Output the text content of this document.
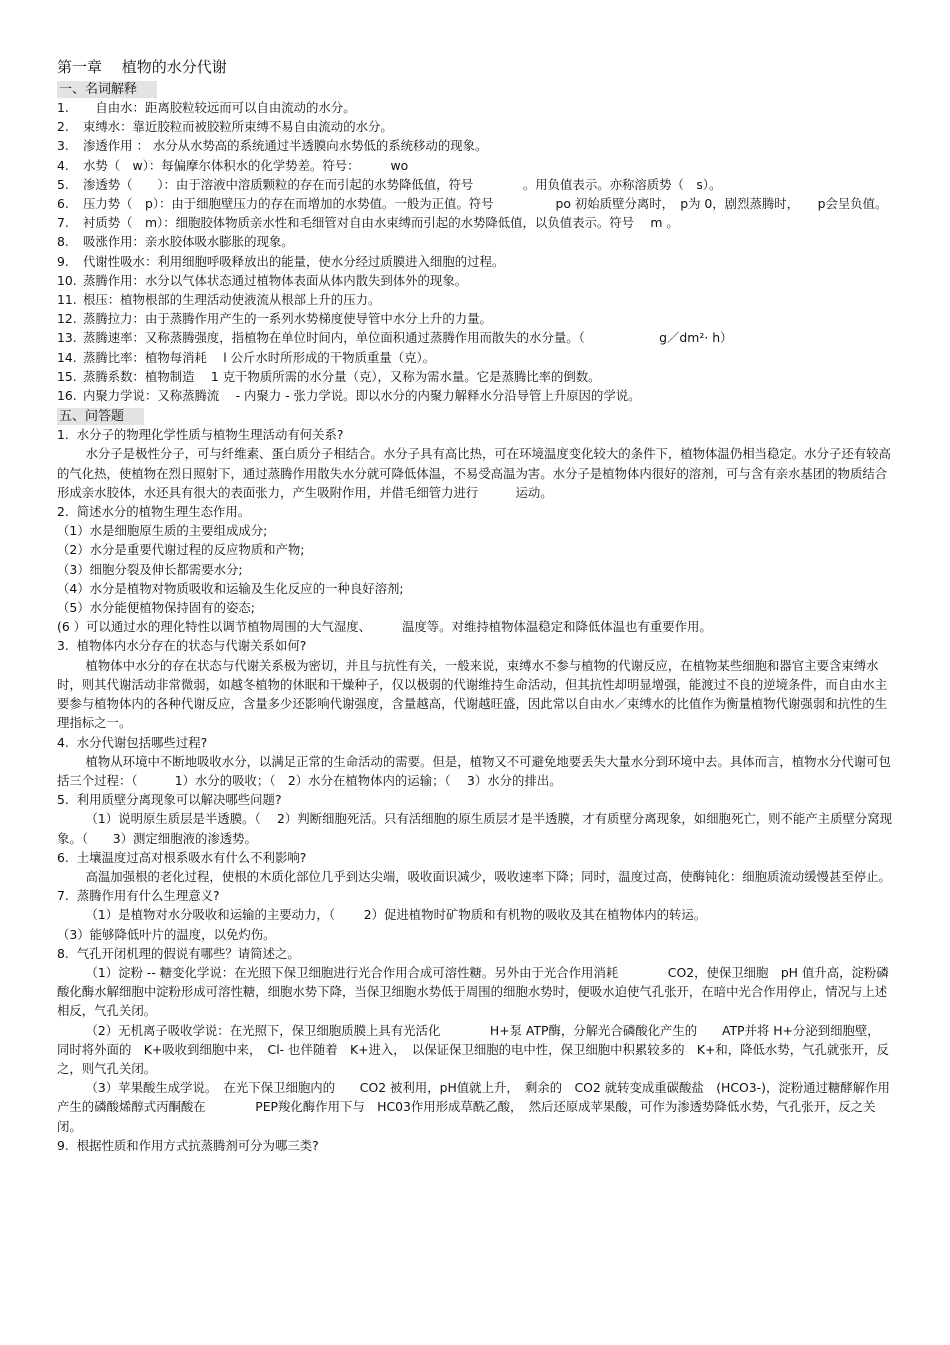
第一章　 植物的水分代谢
一、名词解释
1.　自由水：距离胶粒较远而可以自由流动的水分。
2. 束缚水：靠近胶粒而被胶粒所束缚不易自由流动的水分。
3. 渗透作用 ： 水分从水势高的系统通过半透膜向水势低的系统移动的现象。
4. 水势（　w）：每偏摩尔体积水的化学势差。符号：　　　wo
5. 渗透势（　　）：由于溶液中溶质颗粒的存在而引起的水势降低值，符号　　　　。用负值表示。亦称溶质势（　s）。
6. 压力势（　p）：由于细胞壁压力的存在而增加的水势值。一般为正值。符号　　　　　po 初始质壁分离时，　p为 0，剧烈蒸腾时，　　p会呈负值。
7. 衬质势（　m）：细胞胶体物质亲水性和毛细管对自由水束缚而引起的水势降低值，以负值表示。符号　 m 。
8. 吸涨作用：亲水胶体吸水膨胀的现象。
9. 代谢性吸水：利用细胞呼吸释放出的能量，使水分经过质膜进入细胞的过程。
10. 蒸腾作用：水分以气体状态通过植物体表面从体内散失到体外的现象。
11. 根压：植物根部的生理活动使液流从根部上升的压力。
12. 蒸腾拉力：由于蒸腾作用产生的一系列水势梯度使导管中水分上升的力量。
13. 蒸腾速率：又称蒸腾强度，指植物在单位时间内，单位面积通过蒸腾作用而散失的水分量。（　　　　　　g／dm²· h）
14. 蒸腾比率：植物每消耗　 l 公斤水时所形成的干物质重量（克）。
15. 蒸腾系数：植物制造　 1 克干物质所需的水分量（克），又称为需水量。它是蒸腾比率的倒数。
16. 内聚力学说：又称蒸腾流　 - 内聚力 - 张力学说。即以水分的内聚力解释水分沿导管上升原因的学说。
五、问答题
1.  水分子的物理化学性质与植物生理活动有何关系?
水分子是极性分子，可与纤维素、蛋白质分子相结合。水分子具有高比热，可在环境温度变化较大的条件下，植物体温仍相当稳定。水分子还有较高的气化热，使植物在烈日照射下，通过蒸腾作用散失水分就可降低体温，不易受高温为害。水分子是植物体内很好的溶剂，可与含有亲水基团的物质结合形成亲水胶体，水还具有很大的表面张力，产生吸附作用，并借毛细管力进行　　　运动。
2.  简述水分的植物生理生态作用。
（1）水是细胞原生质的主要组成成分;
（2）水分是重要代谢过程的反应物质和产物;
（3）细胞分裂及伸长都需要水分;
（4）水分是植物对物质吸收和运输及生化反应的一种良好溶剂;
（5）水分能便植物保持固有的姿态;
(6 ）可以通过水的理化特性以调节植物周围的大气湿度、　　　温度等。对维持植物体温稳定和降低体温也有重要作用。
3.  植物体内水分存在的状态与代谢关系如何?
植物体中水分的存在状态与代谢关系极为密切，并且与抗性有关，一般来说，束缚水不参与植物的代谢反应，在植物某些细胞和器官主要含束缚水时，则其代谢活动非常微弱，如越冬植物的休眠和干燥种子，仅以极弱的代谢维持生命活动，但其抗性却明显增强，能渡过不良的逆境条件，而自由水主要参与植物体内的各种代谢反应，含量多少还影响代谢强度，含量越高，代谢越旺盛，因此常以自由水／束缚水的比值作为衡量植物代谢强弱和抗性的生理指标之一。
4.  水分代谢包括哪些过程?
植物从环境中不断地吸收水分，以满足正常的生命活动的需要。但是，植物又不可避免地要丢失大量水分到环境中去。具体而言，植物水分代谢可包括三个过程：（　　　1）水分的吸收；（　2）水分在植物体内的运输；（　 3）水分的排出。
5.  利用质壁分离现象可以解决哪些问题?
（1）说明原生质层是半透膜。（　 2）判断细胞死活。只有活细胞的原生质层才是半透膜，才有质壁分离现象，如细胞死亡，则不能产主质壁分窝现象。（　　3）测定细胞液的渗透势。
6.  土壤温度过高对根系吸水有什么不利影响?
高温加强根的老化过程，使根的木质化部位几乎到达尖端，吸收面识减少，吸收速率下降；同时，温度过高，使酶钝化：细胞质流动缓慢甚至停止。
7.  蒸腾作用有什么生理意义?
（1）是植物对水分吸收和运输的主要动力，（　　 2）促进植物时矿物质和有机物的吸收及其在植物体内的转运。
（3）能够降低叶片的温度，以免灼伤。
8.  气孔开闭机理的假说有哪些？请简述之。
（1）淀粉 -- 糖变化学说：在光照下保卫细胞进行光合作用合成可溶性糖。另外由于光合作用消耗　　　　CO2，使保卫细胞　pH 值升高，淀粉磷酸化酶水解细胞中淀粉形成可溶性糖，细胞水势下降，当保卫细胞水势低于周围的细胞水势时，便吸水迫使气孔张开，在暗中光合作用停止，情况与上述相反，气孔关闭。
（2）无机离子吸收学说：在光照下，保卫细胞质膜上具有光活化　　　　H+泵 ATP酶，分解光合磷酸化产生的　　ATP并将 H+分泌到细胞壁，　同时将外面的　K+吸收到细胞中来，　Cl- 也伴随着　K+进入，　以保证保卫细胞的电中性，保卫细胞中积累较多的　K+和，降低水势，气孔就张开，反之，则气孔关闭。
（3）苹果酸生成学说。　在光下保卫细胞内的　　CO2 被利用，pH值就上升，　剩余的　CO2 就转变成重碳酸盐　(HCO3-)，淀粉通过糖酵解作用产生的磷酸烯醇式丙酮酸在　　　　PEP羧化酶作用下与　HC03作用形成草酰乙酸，　然后还原成苹果酸，可作为渗透势降低水势，气孔张开，反之关闭。
9.  根据性质和作用方式抗蒸腾剂可分为哪三类?
